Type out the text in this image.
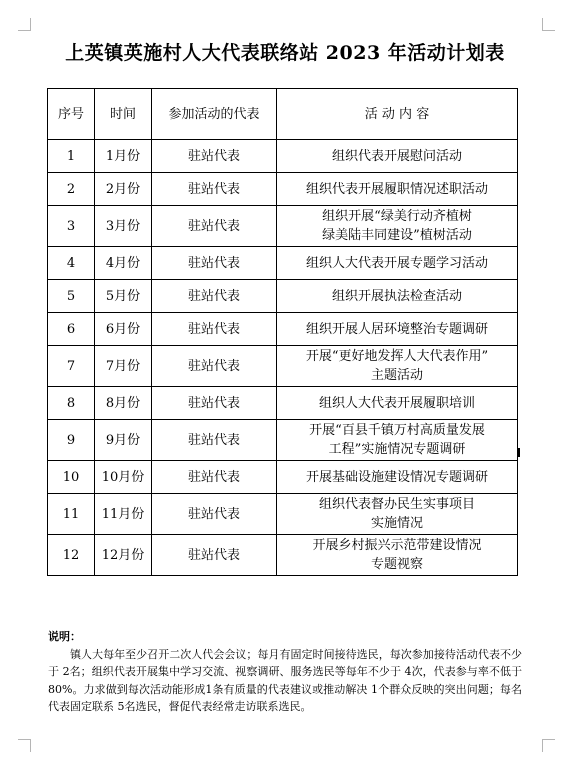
上英镇英施村人大代表联络站 2023 年活动计划表
序号	时间	参加活动的代表	活 动 内 容
1	1月份	驻站代表	组织代表开展慰问活动

2	2月份	驻站代表	组织代表开展履职情况述职活动

3	3月份	驻站代表	组织开展“绿美行动齐植树
绿美陆丰同建设”植树活动

4	4月份	驻站代表	组织人大代表开展专题学习活动

5	5月份	驻站代表	组织开展执法检查活动

6	6月份	驻站代表	组织开展人居环境整治专题调研

7	7月份	驻站代表	开展“更好地发挥人大代表作用”
主题活动

8	8月份	驻站代表	组织人大代表开展履职培训

9	9月份	驻站代表	开展“百县千镇万村高质量发展
工程”实施情况专题调研

10	10月份	驻站代表	开展基础设施建设情况专题调研

11	11月份	驻站代表	组织代表督办民生实事项目
实施情况

12	12月份	驻站代表	开展乡村振兴示范带建设情况
专题视察
说明：
镇人大每年至少召开二次人代会会议；每月有固定时间接待选民，每次参加接待活动代表不少于 2名；组织代表开展集中学习交流、视察调研、服务选民等每年不少于 4次，代表参与率不低于 80%。力求做到每次活动能形成1条有质量的代表建议或推动解决 1个群众反映的突出问题；每名代表固定联系 5名选民，督促代表经常走访联系选民。
